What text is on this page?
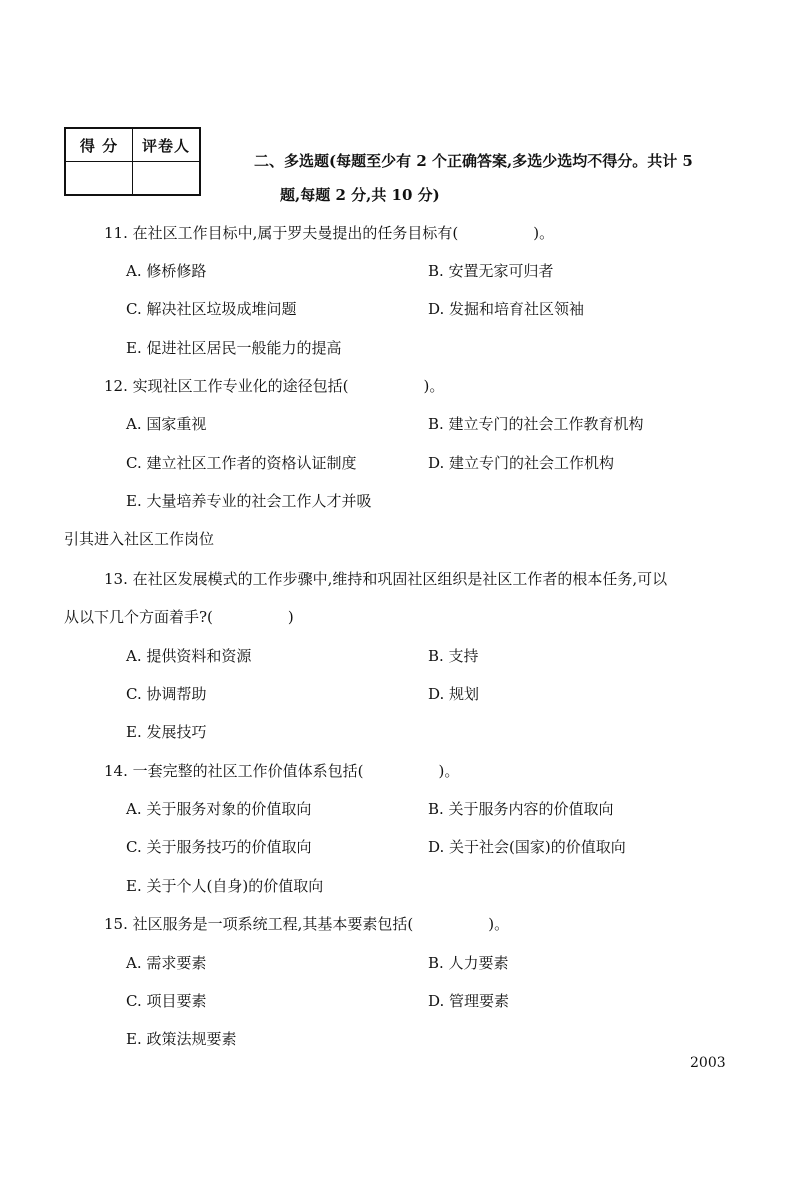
得 分	评卷人

二、多选题(每题至少有 2 个正确答案,多选少选均不得分。共计 5
题,每题 2 分,共 10 分)
11. 在社区工作目标中,属于罗夫曼提出的任务目标有(　　　　　)。
A. 修桥修路	B. 安置无家可归者
C. 解决社区垃圾成堆问题	D. 发掘和培育社区领袖
E. 促进社区居民一般能力的提高
12. 实现社区工作专业化的途径包括(　　　　　)。
A. 国家重视	B. 建立专门的社会工作教育机构
C. 建立社区工作者的资格认证制度	D. 建立专门的社会工作机构
E. 大量培养专业的社会工作人才并吸
引其进入社区工作岗位
13. 在社区发展模式的工作步骤中,维持和巩固社区组织是社区工作者的根本任务,可以
从以下几个方面着手?(　　　　　)
A. 提供资料和资源	B. 支持
C. 协调帮助	D. 规划
E. 发展技巧
14. 一套完整的社区工作价值体系包括(　　　　　)。
A. 关于服务对象的价值取向	B. 关于服务内容的价值取向
C. 关于服务技巧的价值取向	D. 关于社会(国家)的价值取向
E. 关于个人(自身)的价值取向
15. 社区服务是一项系统工程,其基本要素包括(　　　　　)。
A. 需求要素	B. 人力要素
C. 项目要素	D. 管理要素
E. 政策法规要素
2003
